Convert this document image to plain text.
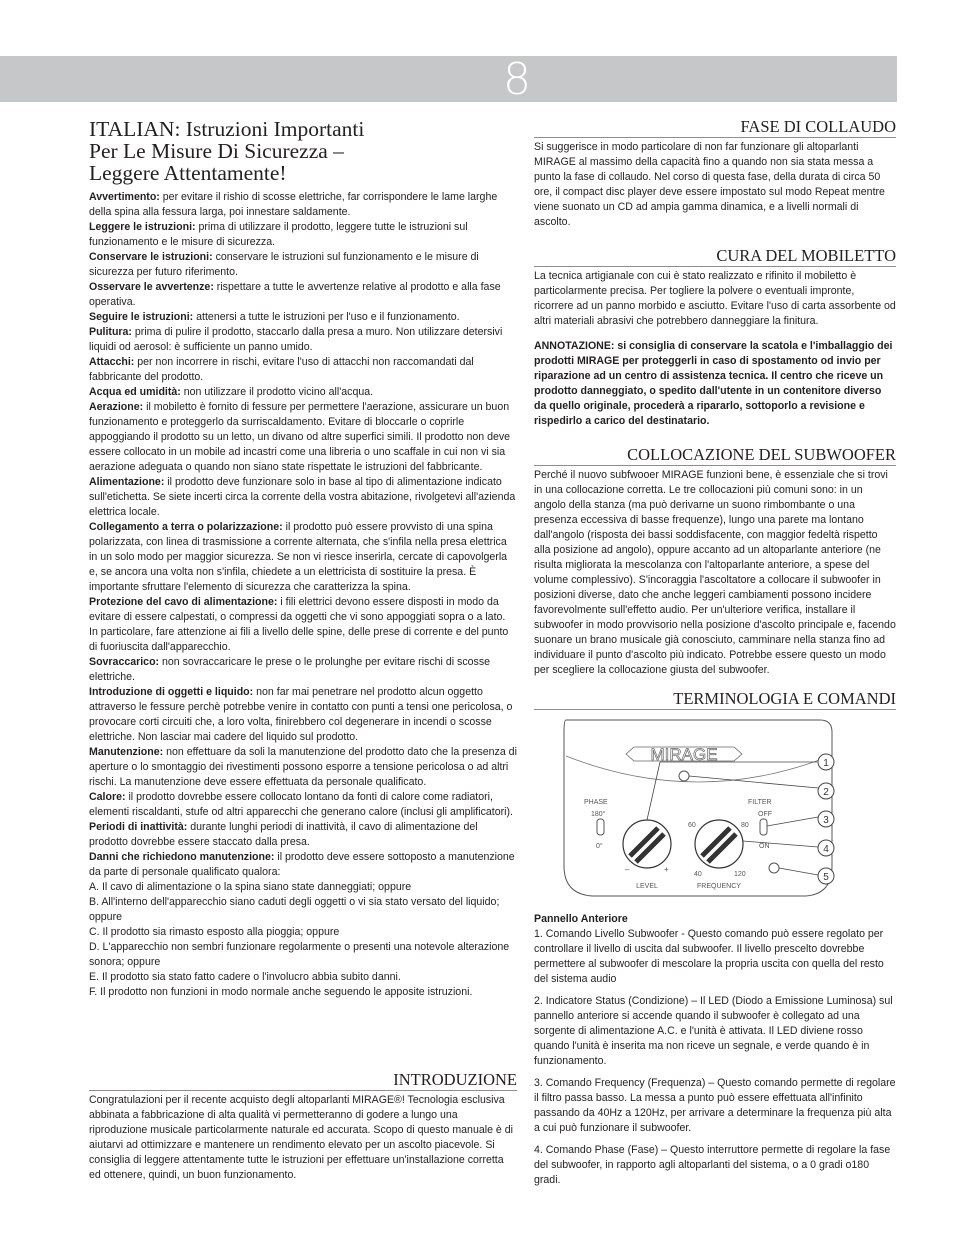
8
ITALIAN: Istruzioni Importanti
Per Le Misure Di Sicurezza –
Leggere Attentamente!

Avvertimento: per evitare il rishio di scosse elettriche, far corrispondere le lame larghe della spina alla fessura larga, poi innestare saldamente.

Leggere le istruzioni: prima di utilizzare il prodotto, leggere tutte le istruzioni sul funzionamento e le misure di sicurezza.

Conservare le istruzioni: conservare le istruzioni sul funzionamento e le misure di sicurezza per futuro riferimento.

Osservare le avvertenze: rispettare a tutte le avvertenze relative al prodotto e alla fase operativa.

Seguire le istruzioni: attenersi a tutte le istruzioni per l'uso e il funzionamento.

Pulitura: prima di pulire il prodotto, staccarlo dalla presa a muro. Non utilizzare detersivi liquidi od aerosol: è sufficiente un panno umido.

Attacchi: per non incorrere in rischi, evitare l'uso di attacchi non raccomandati dal fabbricante del prodotto.

Acqua ed umidità: non utilizzare il prodotto vicino all'acqua.

Aerazione: il mobiletto è fornito di fessure per permettere l'aerazione, assicurare un buon funzionamento e proteggerlo da surriscaldamento. Evitare di bloccarle o coprirle appoggiando il prodotto su un letto, un divano od altre superfici simili. Il prodotto non deve essere collocato in un mobile ad incastri come una libreria o uno scaffale in cui non vi sia aerazione adeguata o quando non siano state rispettate le istruzioni del fabbricante.

Alimentazione: il prodotto deve funzionare solo in base al tipo di alimentazione indicato sull'etichetta. Se siete incerti circa la corrente della vostra abitazione, rivolgetevi all'azienda elettrica locale.

Collegamento a terra o polarizzazione: il prodotto può essere provvisto di una spina polarizzata, con linea di trasmissione a corrente alternata, che s'infila nella presa elettrica in un solo modo per maggior sicurezza. Se non vi riesce inserirla, cercate di capovolgerla e, se ancora una volta non s'infila, chiedete a un elettricista di sostituire la presa. È importante sfruttare l'elemento di sicurezza che caratterizza la spina.

Protezione del cavo di alimentazione: i fili elettrici devono essere disposti in modo da evitare di essere calpestati, o compressi da oggetti che vi sono appoggiati sopra o a lato. In particolare, fare attenzione ai fili a livello delle spine, delle prese di corrente e del punto di fuoriuscita dall'apparecchio.

Sovraccarico: non sovraccaricare le prese o le prolunghe per evitare rischi di scosse elettriche.

Introduzione di oggetti e liquido: non far mai penetrare nel prodotto alcun oggetto attraverso le fessure perchè potrebbe venire in contatto con punti a tensi one pericolosa, o provocare corti circuiti che, a loro volta, finirebbero col degenerare in incendi o scosse elettriche. Non lasciar mai cadere del liquido sul prodotto.

Manutenzione: non effettuare da soli la manutenzione del prodotto dato che la presenza di aperture o lo smontaggio dei rivestimenti possono esporre a tensione pericolosa o ad altri rischi. La manutenzione deve essere effettuata da personale qualificato.

Calore: il prodotto dovrebbe essere collocato lontano da fonti di calore come radiatori, elementi riscaldanti, stufe od altri apparecchi che generano calore (inclusi gli amplificatori).

Periodi di inattività: durante lunghi periodi di inattività, il cavo di alimentazione del prodotto dovrebbe essere staccato dalla presa.

Danni che richiedono manutenzione: il prodotto deve essere sottoposto a manutenzione da parte di personale qualificato qualora:

A. Il cavo di alimentazione o la spina siano state danneggiati; oppure

B. All'interno dell'apparecchio siano caduti degli oggetti o vi sia stato versato del liquido; oppure

C. Il prodotto sia rimasto esposto alla pioggia; oppure

D. L'apparecchio non sembri funzionare regolarmente o presenti una notevole alterazione sonora; oppure

E. Il prodotto sia stato fatto cadere o l'involucro abbia subito danni.

F. Il prodotto non funzioni in modo normale anche seguendo le apposite istruzioni.

INTRODUZIONE

Congratulazioni per il recente acquisto degli altoparlanti MIRAGE®! Tecnologia esclusiva abbinata a fabbricazione di alta qualità vi permetteranno di godere a lungo una riproduzione musicale particolarmente naturale ed accurata. Scopo di questo manuale è di aiutarvi ad ottimizzare e mantenere un rendimento elevato per un ascolto piacevole. Si consiglia di leggere attentamente tutte le istruzioni per effettuare un'installazione corretta ed ottenere, quindi, un buon funzionamento.

FASE DI COLLAUDO

Si suggerisce in modo particolare di non far funzionare gli altoparlanti MIRAGE al massimo della capacità fino a quando non sia stata messa a punto la fase di collaudo. Nel corso di questa fase, della durata di circa 50 ore, il compact disc player deve essere impostato sul modo Repeat mentre viene suonato un CD ad ampia gamma dinamica, e a livelli normali di ascolto.

CURA DEL MOBILETTO

La tecnica artigianale con cui è stato realizzato e rifinito il mobiletto è particolarmente precisa. Per togliere la polvere o eventuali impronte, ricorrere ad un panno morbido e asciutto. Evitare l'uso di carta assorbente od altri materiali abrasivi che potrebbero danneggiare la finitura.

ANNOTAZIONE: si consiglia di conservare la scatola e l'imballaggio dei prodotti MIRAGE per proteggerli in caso di spostamento od invio per riparazione ad un centro di assistenza tecnica. Il centro che riceve un prodotto danneggiato, o spedito dall'utente in un contenitore diverso da quello originale, procederà a ripararlo, sottoporlo a revisione e rispedirlo a carico del destinatario.

COLLOCAZIONE DEL SUBWOOFER

Perché il nuovo subfwooer MIRAGE funzioni bene, è essenziale che si trovi in una collocazione corretta. Le tre collocazioni più comuni sono: in un angolo della stanza (ma può derivarne un suono rimbombante o una presenza eccessiva di basse frequenze), lungo una parete ma lontano dall'angolo (risposta dei bassi soddisfacente, con maggior fedeltà rispetto alla posizione ad angolo), oppure accanto ad un altoparlante anteriore (ne risulta migliorata la mescolanza con l'altoparlante anteriore, a spese del volume complessivo). S'incoraggia l'ascoltatore a collocare il subwoofer in posizioni diverse, dato che anche leggeri cambiamenti possono incidere favorevolmente sull'effetto audio. Per un'ulteriore verifica, installare il subwoofer in modo provvisorio nella posizione d'ascolto principale e, facendo suonare un brano musicale già conosciuto, camminare nella stanza fino ad individuare il punto d'ascolto più indicato. Potrebbe essere questo un modo per scegliere la collocazione giusta del subwoofer.

TERMINOLOGIA E COMANDI
MIRAGE
PHASE
180°
0°
–	+
LEVEL
60	80
40	120
FREQUENCY
FILTER
OFF
ON
1
2
3
4
5

Pannello Anteriore

1. Comando Livello Subwoofer - Questo comando può essere regolato per controllare il livello di uscita dal subwoofer. Il livello prescelto dovrebbe permettere al subwoofer di mescolare la propria uscita con quella del resto del sistema audio

2. Indicatore Status (Condizione) – Il LED (Diodo a Emissione Luminosa) sul pannello anteriore si accende quando il subwoofer è collegato ad una sorgente di alimentazione A.C. e l'unità è attivata. Il LED diviene rosso quando l'unità è inserita ma non riceve un segnale, e verde quando è in funzionamento.

3. Comando Frequency (Frequenza) – Questo comando permette di regolare il filtro passa basso. La messa a punto può essere effettuata all'infinito passando da 40Hz a 120Hz, per arrivare a determinare la frequenza più alta a cui può funzionare il subwoofer.

4. Comando Phase (Fase) – Questo interruttore permette di regolare la fase del subwoofer, in rapporto agli altoparlanti del sistema, o a 0 gradi o180 gradi.
